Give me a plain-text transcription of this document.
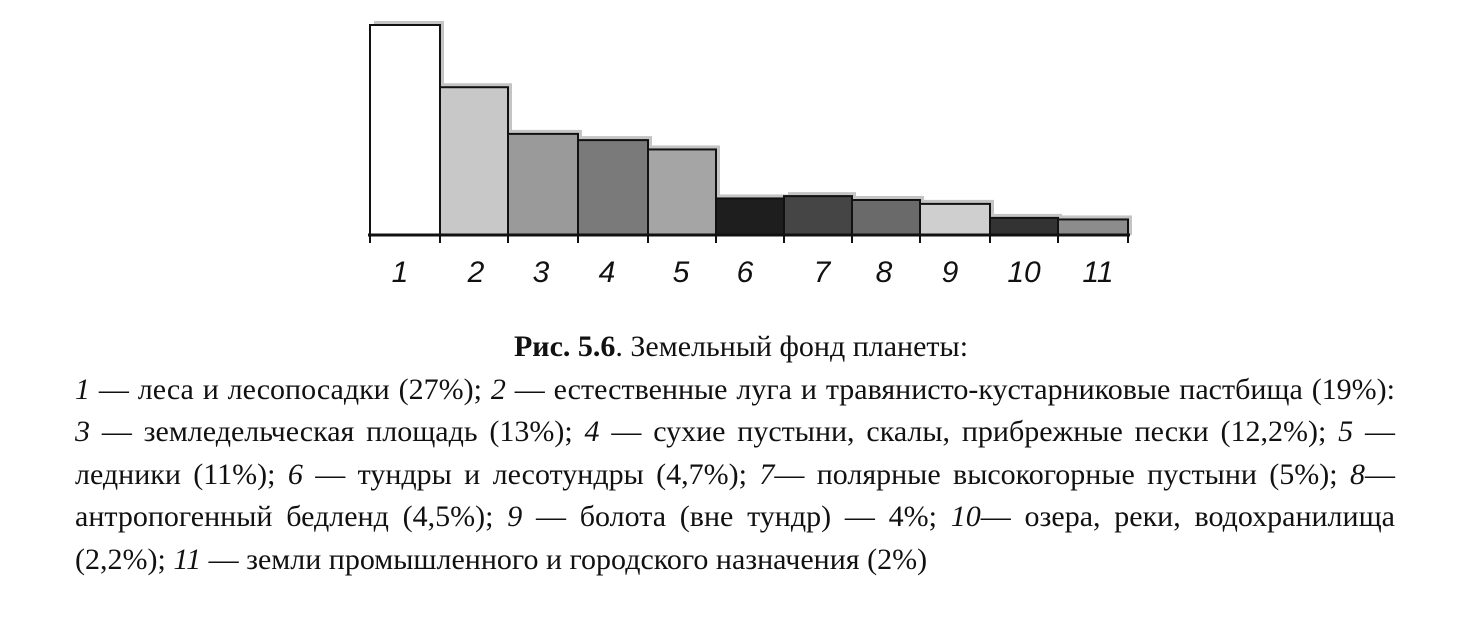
1 2 3 4 5 6 7 8 9 10 11
Рис. 5.6. Земельный фонд планеты:
1 — леса и лесопосадки (27%); 2 — естественные луга и травянисто-кустарниковые пастбища (19%): 3 — земледельческая площадь (13%); 4 — сухие пустыни, скалы, прибрежные пески (12,2%); 5 — ледники (11%); 6 — тундры и лесотундры (4,7%); 7— полярные высокогорные пустыни (5%); 8— антропогенный бедленд (4,5%); 9 — болота (вне тундр) — 4%; 10— озера, реки, водохранилища (2,2%); 11 — земли промышленного и городского назначения (2%)
